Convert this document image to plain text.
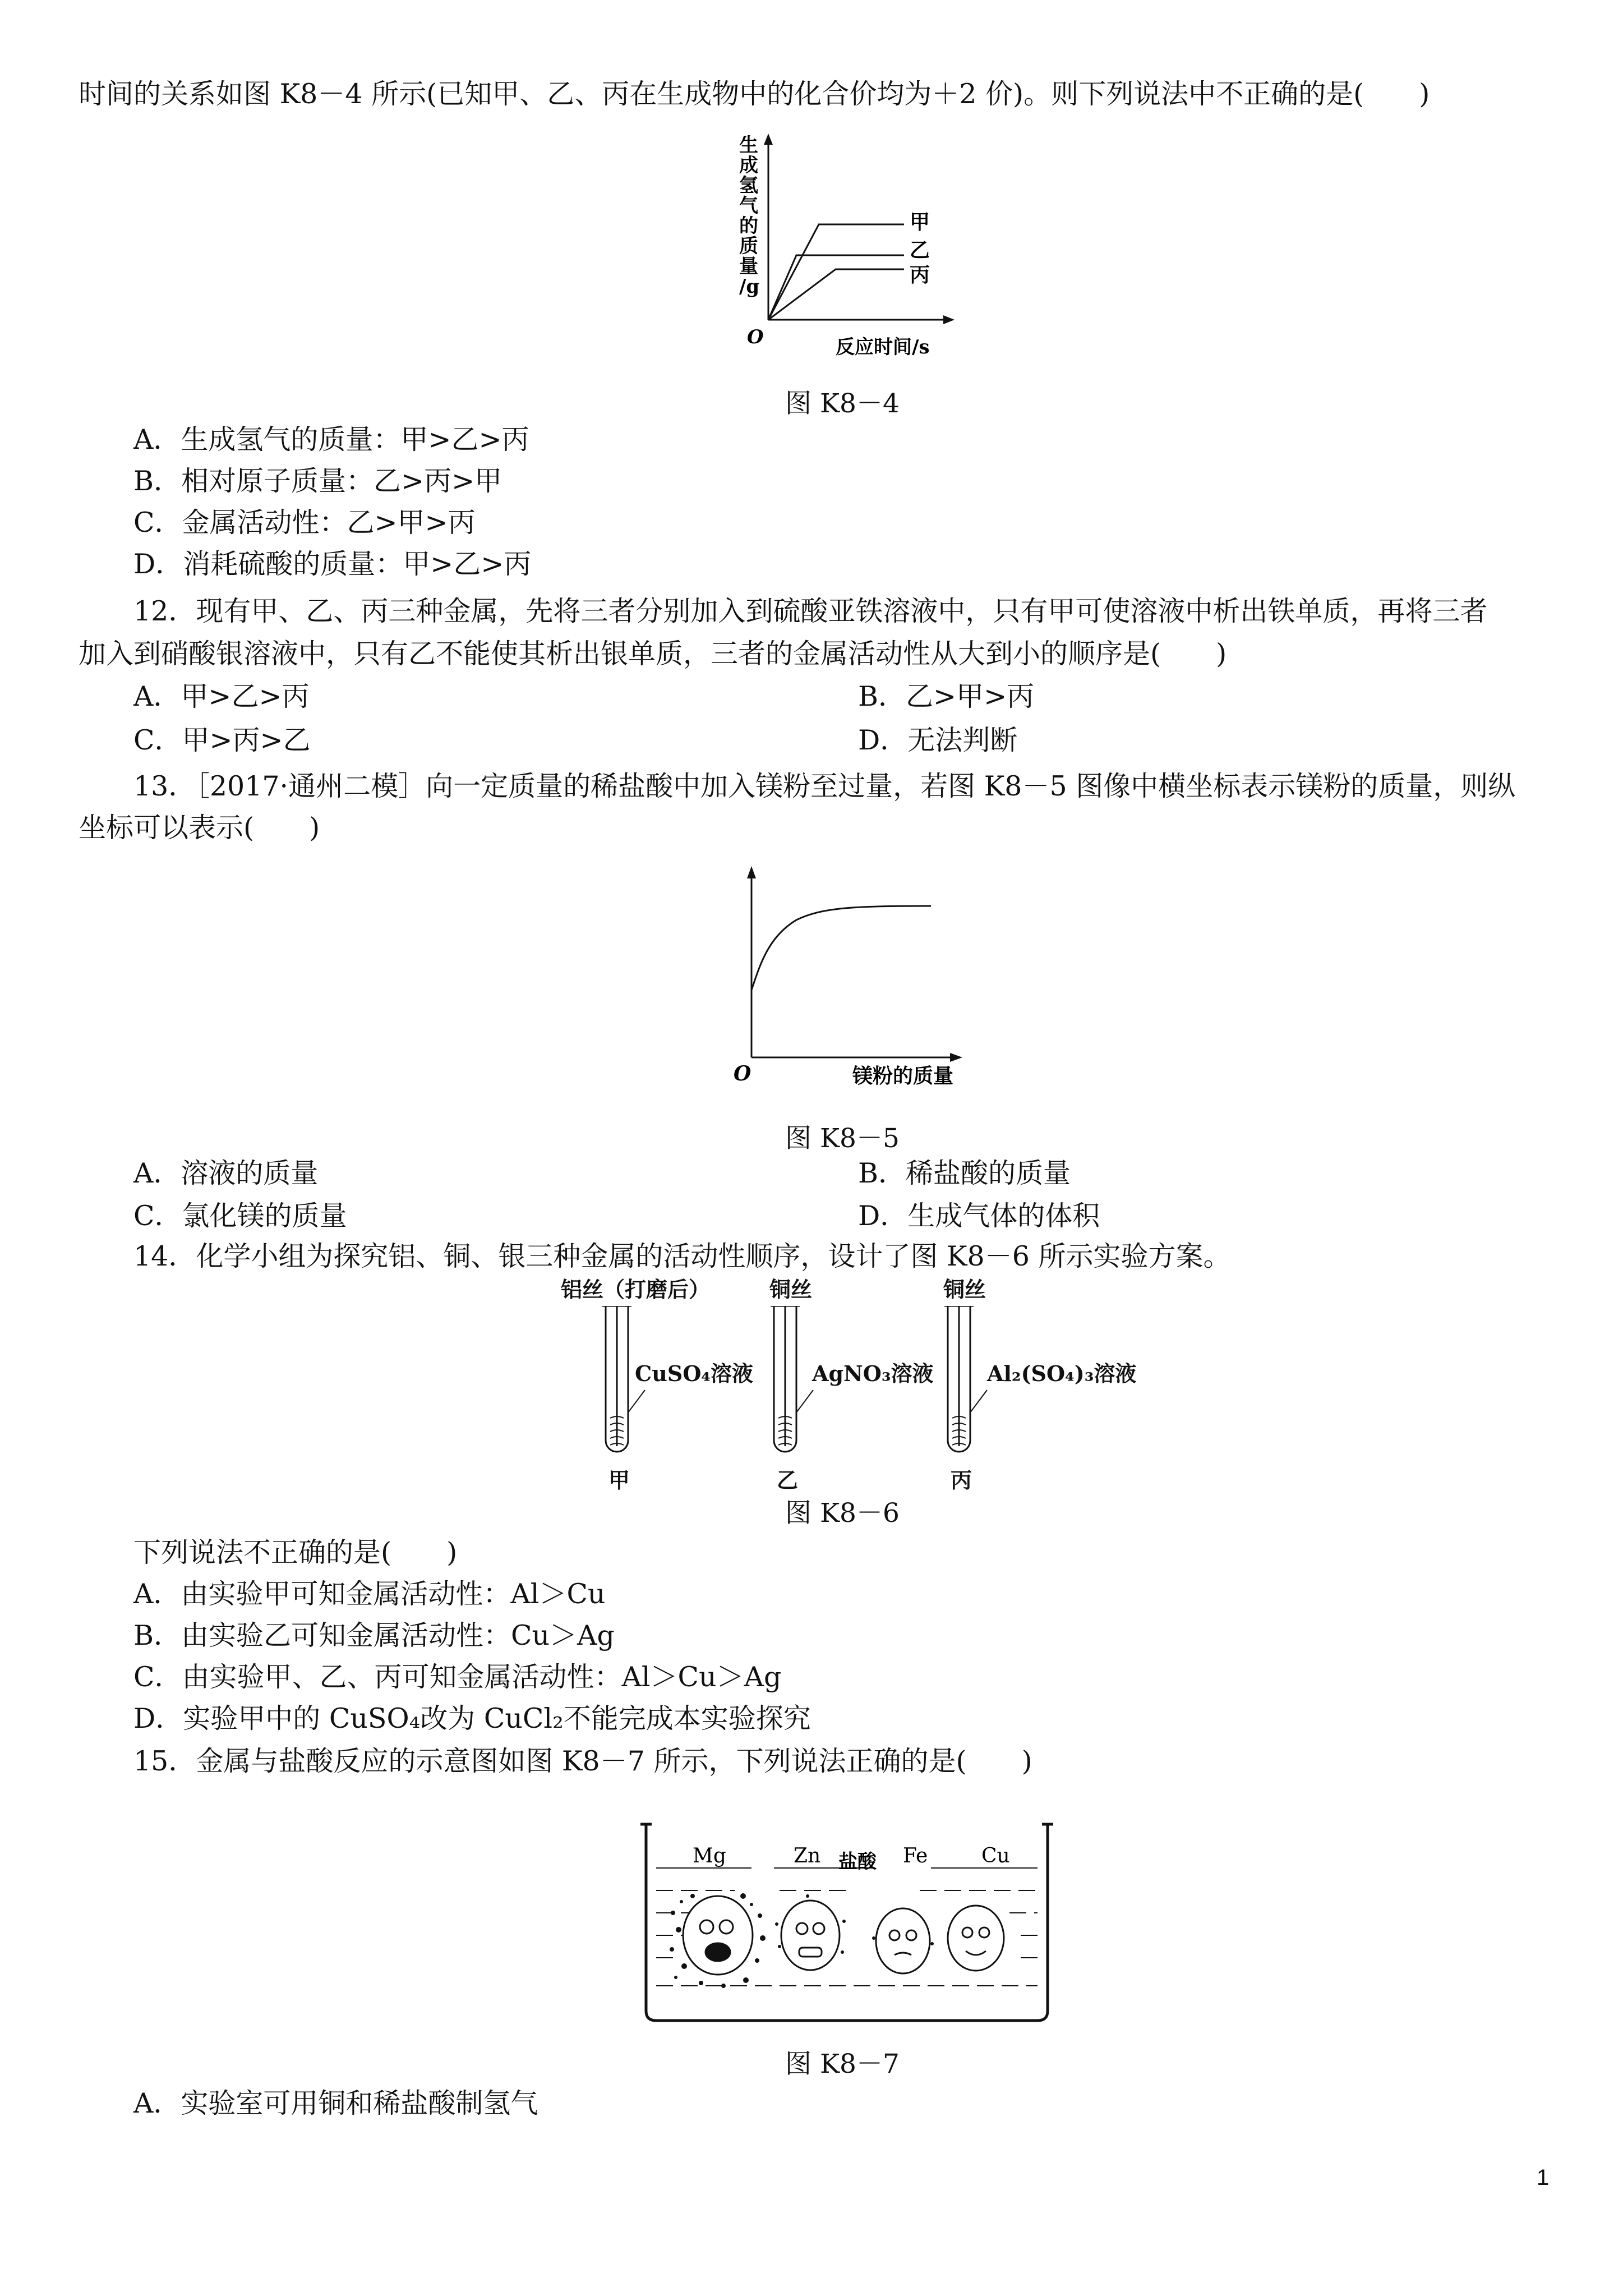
时间的关系如图 K8－4 所示(已知甲、乙、丙在生成物中的化合价均为＋2 价)。则下列说法中不正确的是(　　)
生
成
氢
气
的
质
量
/g
甲
乙
丙
O	反应时间/s
图 K8－4
A．生成氢气的质量：甲>乙>丙
B．相对原子质量：乙>丙>甲
C．金属活动性：乙>甲>丙
D．消耗硫酸的质量：甲>乙>丙
12．现有甲、乙、丙三种金属，先将三者分别加入到硫酸亚铁溶液中，只有甲可使溶液中析出铁单质，再将三者
加入到硝酸银溶液中，只有乙不能使其析出银单质，三者的金属活动性从大到小的顺序是(　　)
A．甲>乙>丙	B．乙>甲>丙
C．甲>丙>乙	D．无法判断
13．［2017·通州二模］向一定质量的稀盐酸中加入镁粉至过量，若图 K8－5 图像中横坐标表示镁粉的质量，则纵
坐标可以表示(　　)
O	镁粉的质量
图 K8－5
A．溶液的质量	B．稀盐酸的质量
C．氯化镁的质量	D．生成气体的体积
14．化学小组为探究铝、铜、银三种金属的活动性顺序，设计了图 K8－6 所示实验方案。
铝丝（打磨后）
CuSO₄溶液
甲
铜丝
AgNO₃溶液
乙
铜丝
Al₂(SO₄)₃溶液
丙
图 K8－6
下列说法不正确的是(　　)
A．由实验甲可知金属活动性：Al＞Cu
B．由实验乙可知金属活动性：Cu＞Ag
C．由实验甲、乙、丙可知金属活动性：Al＞Cu＞Ag
D．实验甲中的 CuSO₄改为 CuCl₂不能完成本实验探究
15．金属与盐酸反应的示意图如图 K8－7 所示，下列说法正确的是(　　)
Mg	Zn 盐酸 Fe	Cu
图 K8－7
A．实验室可用铜和稀盐酸制氢气
1
